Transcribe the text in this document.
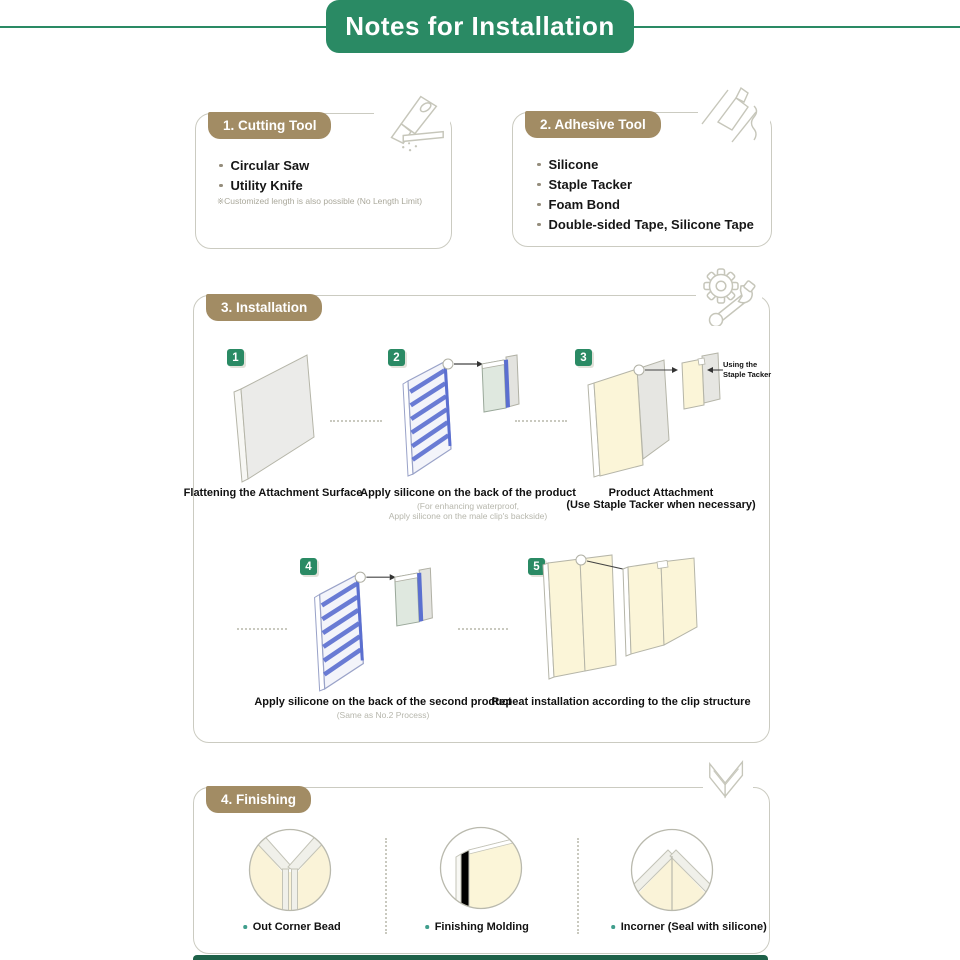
Notes for Installation
1. Cutting Tool
Circular Saw
Utility Knife
※Customized length is also possible (No Length Limit)
2. Adhesive Tool
Silicone
Staple Tacker
Foam Bond
Double-sided Tape, Silicone Tape
3. Installation
1	2	3
4	5
Using the
Staple Tacker
Flattening the Attachment Surface
Apply silicone on the back of the product
(For enhancing waterproof,
Apply silicone on the male clip's backside)
Product Attachment
(Use Staple Tacker when necessary)
Apply silicone on the back of the second product
(Same as No.2 Process)
Repeat installation according to the clip structure
4. Finishing
Out Corner Bead	Finishing Molding	Incorner (Seal with silicone)
